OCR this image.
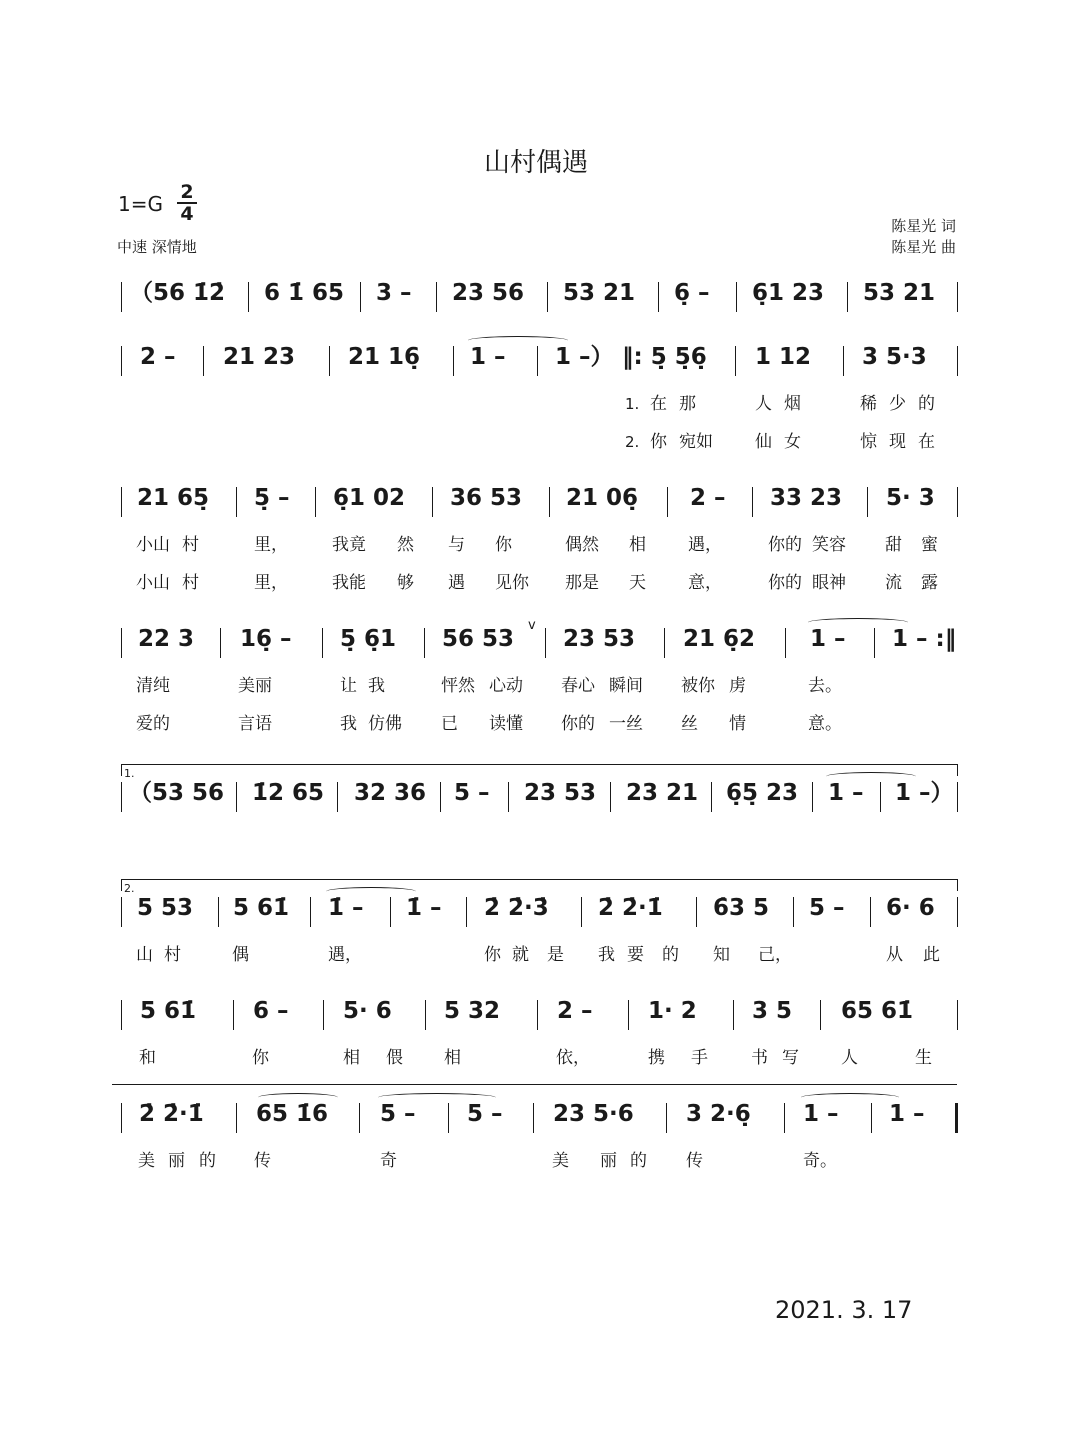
山村偶遇
1=G 2
4
中速 深情地
陈星光 词
陈星光 曲
（56 1̇2̇ 6 1̇ 65 3 – 23 56 53 21 6̣ – 6̣1 23 53 21
2 – 21 23 21 16̣ 1 – 1 –） ‖: 5̣ 5̣6̣ 1 12 3 5·3
1. 在 那	人 烟	稀 少 的
2. 你 宛如 仙 女	惊 现 在
21 65̣ 5̣ – 6̣1 02 36 53 21 06̣ 2 – 33 23 5· 3
小山 村	里，	我竟 然 与 你	偶然 相 遇，	你的 笑容 甜 蜜
小山 村	里，	我能 够 遇 见你 那是 天 意，	你的 眼神 流 露
22 3 16̣ – 5̣ 6̣1 56 53
v
23 53 21 6̣2 1 – 1 – :‖
清纯	美丽	让 我	怦然 心动 春心 瞬间 被你 虏	去。
爱的	言语	我 仿佛 已 读懂 你的 一丝 丝 情	意。
1.
（53 56 1̇2 65 32 36 5 – 23 53 23 21 6̣5̣ 23 1 – 1 –）
2.
5 53 5 61̇ 1̇ – 1̇ – 2̇ 2̇·3̇ 2̇ 2̇·1̇ 6̇3 5 5 – 6· 6
山 村	偶	遇，	你 就 是 我 要 的 知 己，	从 此
5 61̇ 6 – 5· 6 5 32 2 – 1· 2 3 5 65 61̇
和	你	相 偎 相	依，	携 手	书 写 人	生
2̇ 2̇·1̇ 65 1̇6 5 – 5 – 23 5·6 3 2·6̣ 1 – 1 –
美 丽 的 传	奇	美 丽 的 传	奇。
2021. 3. 17
